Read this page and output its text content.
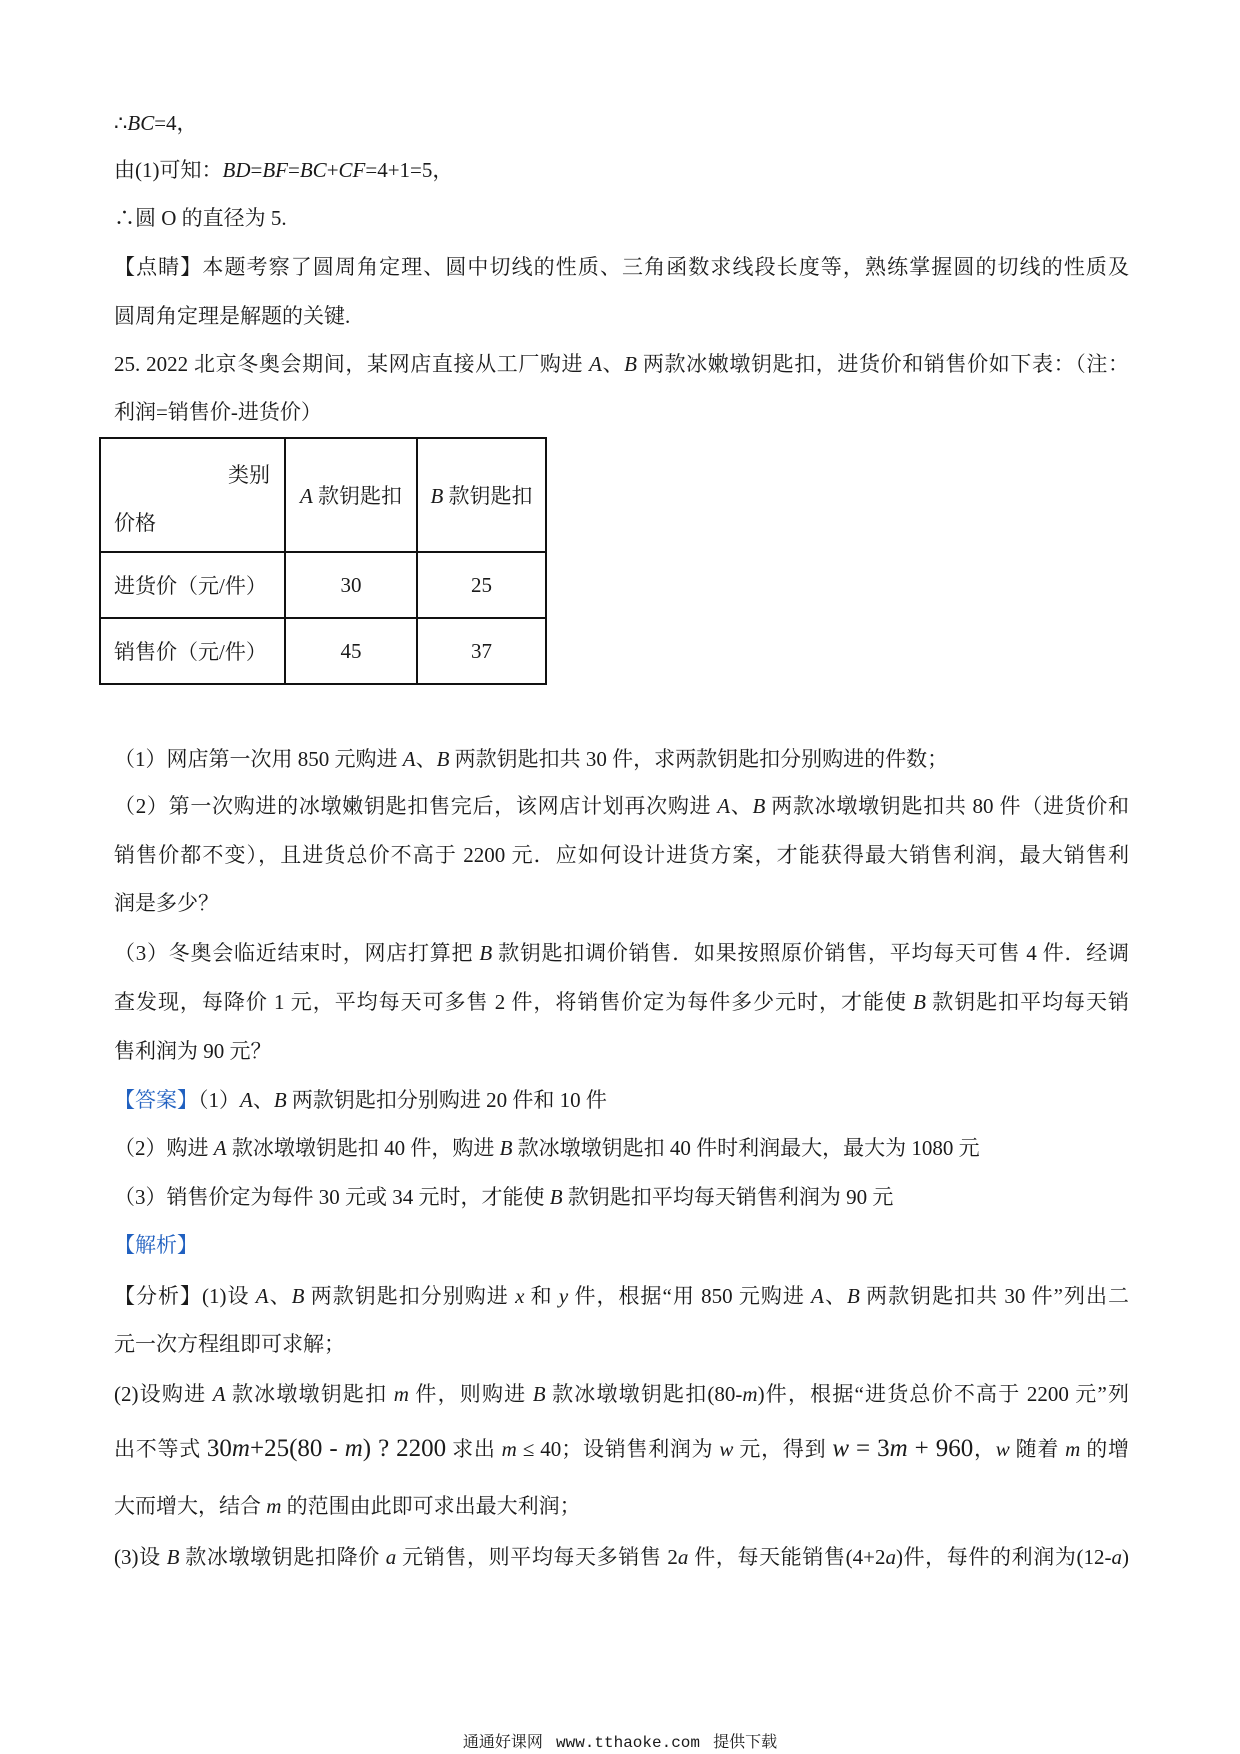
∴BC=4，
由(1)可知：BD=BF=BC+CF=4+1=5，
∴圆 O 的直径为 5.
【点睛】本题考察了圆周角定理、圆中切线的性质、三角函数求线段长度等，熟练掌握圆的切线的性质及
圆周角定理是解题的关键.
25. 2022 北京冬奥会期间，某网店直接从工厂购进 A、B 两款冰嫩墩钥匙扣，进货价和销售价如下表：（注：
利润=销售价-进货价）
类别
价格	A 款钥匙扣	B 款钥匙扣
进货价（元/件）	30	25
销售价（元/件）	45	37
（1）网店第一次用 850 元购进 A、B 两款钥匙扣共 30 件，求两款钥匙扣分别购进的件数；
（2）第一次购进的冰墩嫩钥匙扣售完后，该网店计划再次购进 A、B 两款冰墩墩钥匙扣共 80 件（进货价和
销售价都不变），且进货总价不高于 2200 元．应如何设计进货方案，才能获得最大销售利润，最大销售利
润是多少？
（3）冬奥会临近结束时，网店打算把 B 款钥匙扣调价销售．如果按照原价销售，平均每天可售 4 件．经调
查发现，每降价 1 元，平均每天可多售 2 件，将销售价定为每件多少元时，才能使 B 款钥匙扣平均每天销
售利润为 90 元？
【答案】（1）A、B 两款钥匙扣分别购进 20 件和 10 件
（2）购进 A 款冰墩墩钥匙扣 40 件，购进 B 款冰墩墩钥匙扣 40 件时利润最大，最大为 1080 元
（3）销售价定为每件 30 元或 34 元时，才能使 B 款钥匙扣平均每天销售利润为 90 元
【解析】
【分析】(1)设 A、B 两款钥匙扣分别购进 x 和 y 件，根据“用 850 元购进 A、B 两款钥匙扣共 30 件”列出二
元一次方程组即可求解；
(2)设购进 A 款冰墩墩钥匙扣 m 件，则购进 B 款冰墩墩钥匙扣(80-m)件，根据“进货总价不高于 2200 元”列
出不等式 30m+25(80 - m) ? 2200 求出 m ≤ 40；设销售利润为 w 元，得到 w = 3m + 960，w 随着 m 的增
大而增大，结合 m 的范围由此即可求出最大利润；
(3)设 B 款冰墩墩钥匙扣降价 a 元销售，则平均每天多销售 2a 件，每天能销售(4+2a)件，每件的利润为(12-a)
通通好课网 www.tthaoke.com 提供下载
